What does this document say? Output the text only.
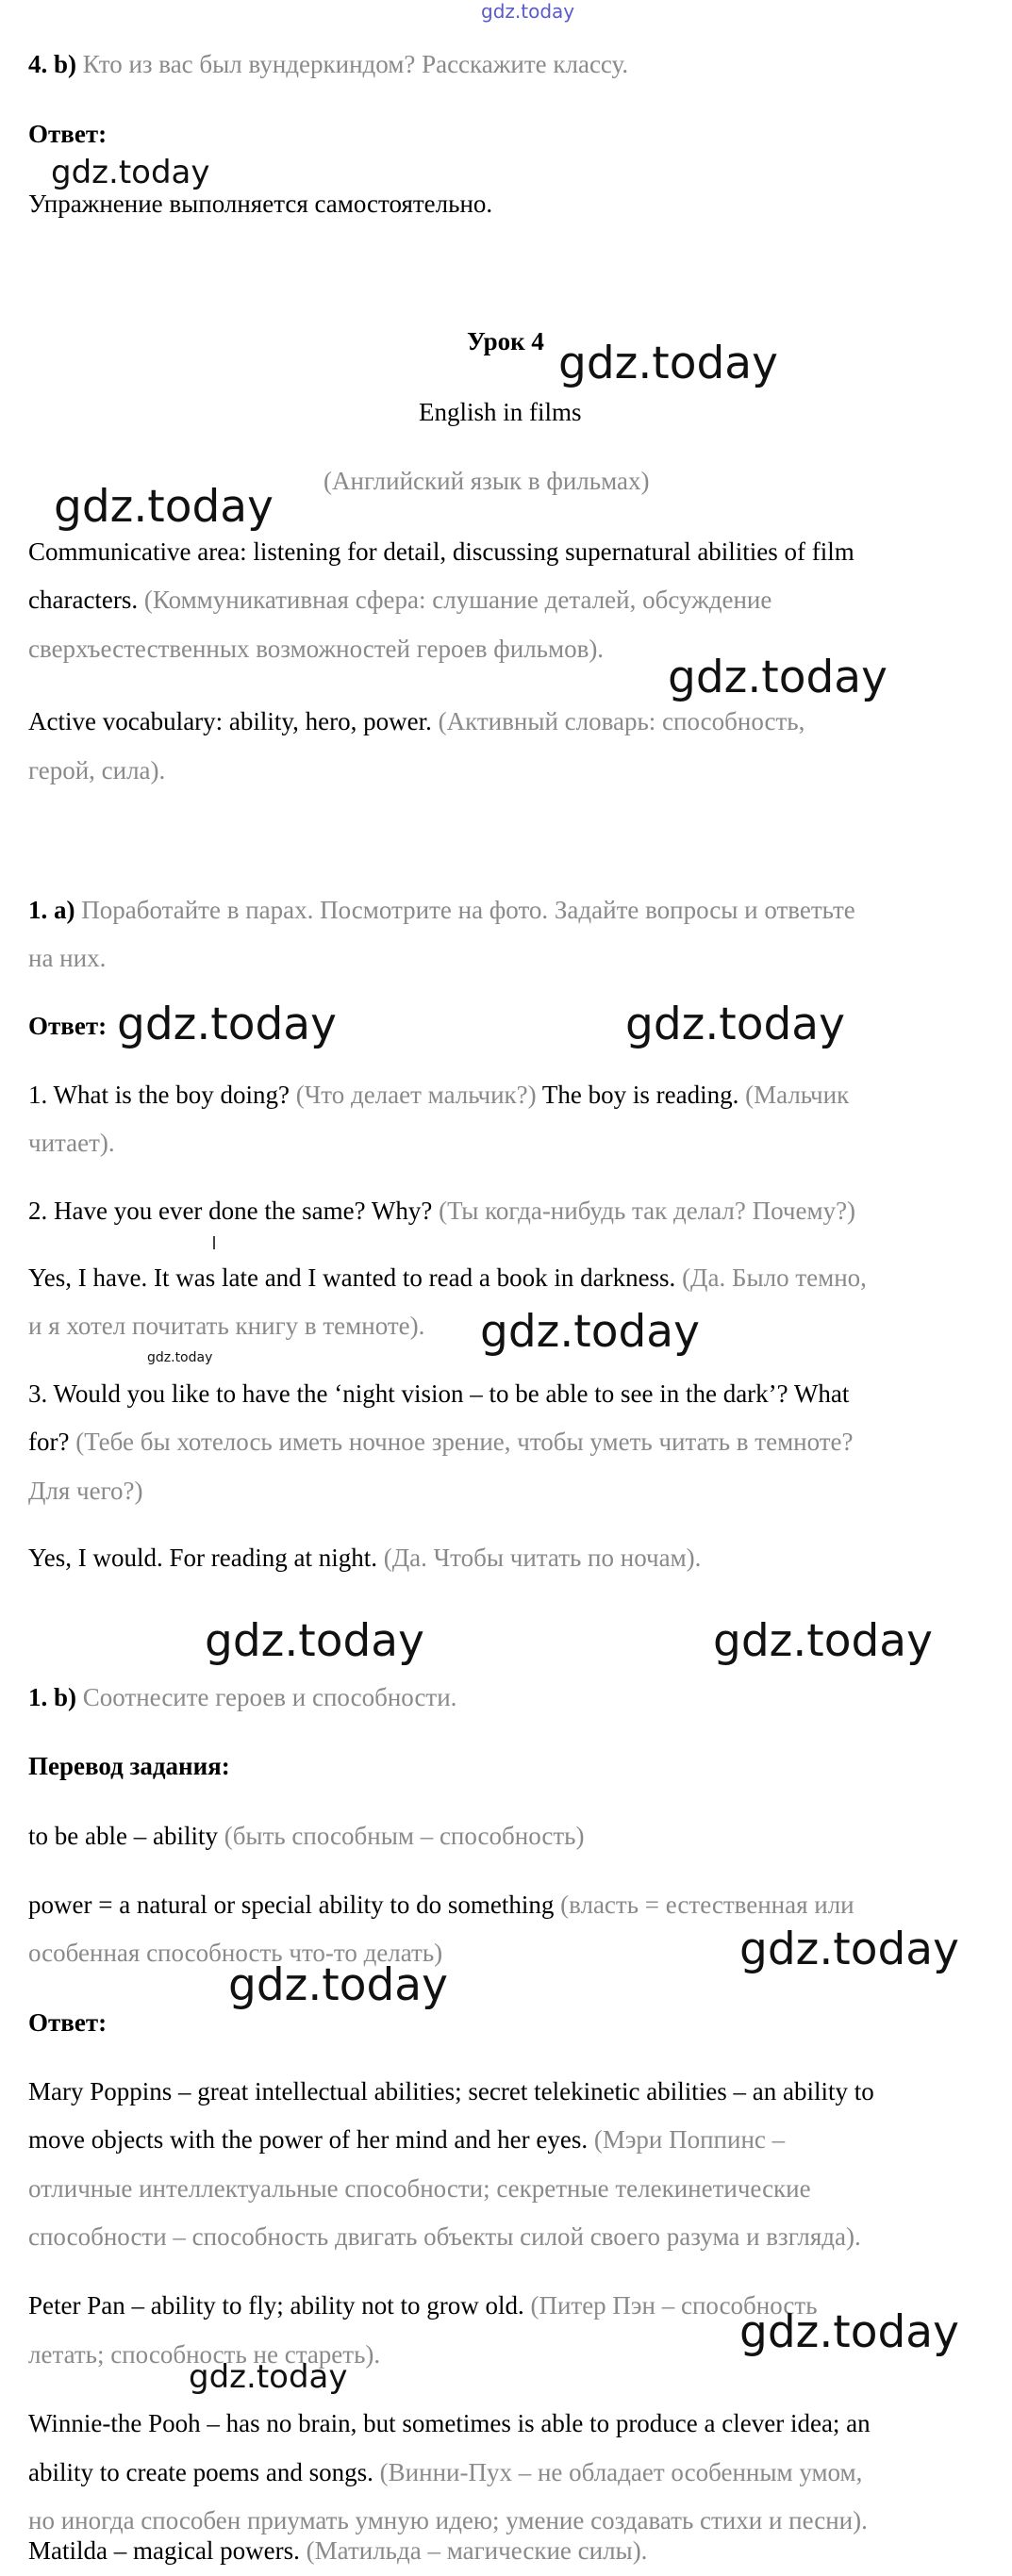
gdz.today
4. b) Кто из вас был вундеркиндом? Расскажите классу.
Ответ:
gdz.today
Упражнение выполняется самостоятельно.
Урок 4 gdz.today
English in films
(Английский язык в фильмах)
gdz.today
Communicative area: listening for detail, discussing supernatural abilities of film
characters. (Коммуникативная сфера: слушание деталей, обсуждение
сверхъестественных возможностей героев фильмов).
gdz.today
Active vocabulary: ability, hero, power. (Активный словарь: способность,
герой, сила).
1. а) Поработайте в парах. Посмотрите на фото. Задайте вопросы и ответьте
на них.
Ответ: gdz.today	gdz.today
1. What is the boy doing? (Что делает мальчик?) The boy is reading. (Мальчик
читает).
2. Have you ever done the same? Why? (Ты когда-нибудь так делал? Почему?)
Yes, I have. It was late and I wanted to read a book in darkness. (Да. Было темно,
и я хотел почитать книгу в темноте). gdz.today
gdz.today
3. Would you like to have the ‘night vision – to be able to see in the dark’? What
for? (Тебе бы хотелось иметь ночное зрение, чтобы уметь читать в темноте?
Для чего?)
Yes, I would. For reading at night. (Да. Чтобы читать по ночам).
gdz.today	gdz.today
1. b) Соотнесите героев и способности.
Перевод задания:
to be able – ability (быть способным – способность)
power = a natural or special ability to do something (власть = естественная или
особенная способность что-то делать)	gdz.today
gdz.today
Ответ:
Mary Poppins – great intellectual abilities; secret telekinetic abilities – an ability to
move objects with the power of her mind and her eyes. (Мэри Поппинс –
отличные интеллектуальные способности; секретные телекинетические
способности – способность двигать объекты силой своего разума и взгляда).
Peter Pan – ability to fly; ability not to grow old. (Питер Пэн – способность
летать; способность не стареть).	gdz.today
gdz.today
Winnie-the Pooh – has no brain, but sometimes is able to produce a clever idea; an
ability to create poems and songs. (Винни-Пух – не обладает особенным умом,
но иногда способен приумать умную идею; умение создавать стихи и песни).
Matilda – magical powers. (Матильда – магические силы).
